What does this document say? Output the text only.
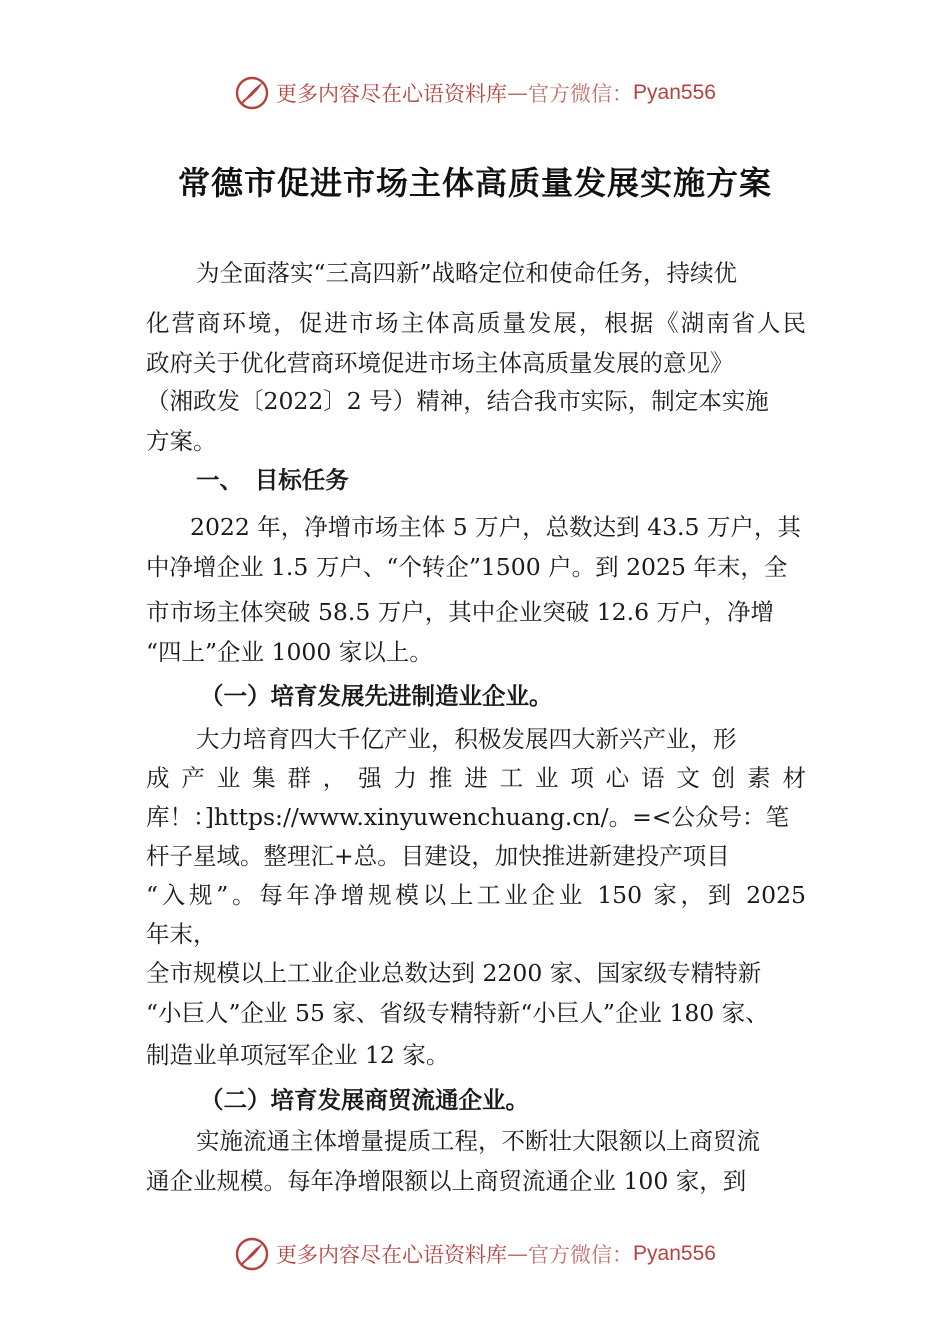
更多内容尽在心语资料库 — 官方微信： Pyan556
常德市促进市场主体高质量发展实施方案
为全面落实“三高四新”战略定位和使命任务，持续优
化营商环境，促进市场主体高质量发展，根据《湖南省人民
政府关于优化营商环境促进市场主体高质量发展的意见》
（湘政发〔2022〕2 号）精神，结合我市实际，制定本实施
方案。
一、　目标任务
2022 年，净增市场主体 5 万户，总数达到 43.5 万户，其
中净增企业 1.5 万户、“个转企”1500 户。到 2025 年末，全
市市场主体突破 58.5 万户，其中企业突破 12.6 万户，净增
“四上”企业 1000 家以上。
（一）培育发展先进制造业企业。
大力培育四大千亿产业，积极发展四大新兴产业，形
成产业集群，强力推进工业项心语文创素材
库！：]https://www.xinyuwenchuang.cn/。=<公众号：笔
杆子星域。整理汇+总。目建设，加快推进新建投产项目
“入规”。每年净增规模以上工业企业 150 家，到 2025
年末，
全市规模以上工业企业总数达到 2200 家、国家级专精特新
“小巨人”企业 55 家、省级专精特新“小巨人”企业 180 家、
制造业单项冠军企业 12 家。
（二）培育发展商贸流通企业。
实施流通主体增量提质工程，不断壮大限额以上商贸流
通企业规模。每年净增限额以上商贸流通企业 100 家，到
更多内容尽在心语资料库 — 官方微信： Pyan556
